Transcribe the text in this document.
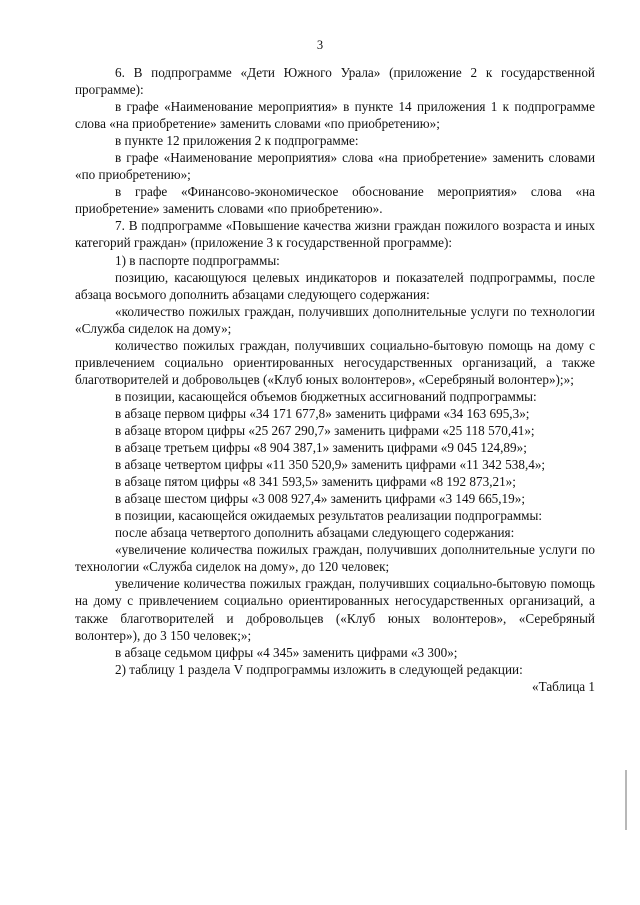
3

6. В подпрограмме «Дети Южного Урала» (приложение 2 к государственной программе):

в графе «Наименование мероприятия» в пункте 14 приложения 1 к подпрограмме слова «на приобретение» заменить словами «по приобретению»;

в пункте 12 приложения 2 к подпрограмме:

в графе «Наименование мероприятия» слова «на приобретение» заменить словами «по приобретению»;

в графе «Финансово-экономическое обоснование мероприятия» слова «на приобретение» заменить словами «по приобретению».

7. В подпрограмме «Повышение качества жизни граждан пожилого возраста и иных категорий граждан» (приложение 3 к государственной программе):

1) в паспорте подпрограммы:

позицию, касающуюся целевых индикаторов и показателей подпрограммы, после абзаца восьмого дополнить абзацами следующего содержания:

«количество пожилых граждан, получивших дополнительные услуги по технологии «Служба сиделок на дому»;

количество пожилых граждан, получивших социально-бытовую помощь на дому с привлечением социально ориентированных негосударственных организаций, а также благотворителей и добровольцев («Клуб юных волонтеров», «Серебряный волонтер»);»;

в позиции, касающейся объемов бюджетных ассигнований подпрограммы:

в абзаце первом цифры «34 171 677,8» заменить цифрами «34 163 695,3»;

в абзаце втором цифры «25 267 290,7» заменить цифрами «25 118 570,41»;

в абзаце третьем цифры «8 904 387,1» заменить цифрами «9 045 124,89»;

в абзаце четвертом цифры «11 350 520,9» заменить цифрами «11 342 538,4»;

в абзаце пятом цифры «8 341 593,5» заменить цифрами «8 192 873,21»;

в абзаце шестом цифры «3 008 927,4» заменить цифрами «3 149 665,19»;

в позиции, касающейся ожидаемых результатов реализации подпрограммы:

после абзаца четвертого дополнить абзацами следующего содержания:

«увеличение количества пожилых граждан, получивших дополнительные услуги по технологии «Служба сиделок на дому», до 120 человек;

увеличение количества пожилых граждан, получивших социально-бытовую помощь на дому с привлечением социально ориентированных негосударственных организаций, а также благотворителей и добровольцев («Клуб юных волонтеров», «Серебряный волонтер»), до 3 150 человек;»;

в абзаце седьмом цифры «4 345» заменить цифрами «3 300»;

2) таблицу 1 раздела V подпрограммы изложить в следующей редакции:

«Таблица 1
